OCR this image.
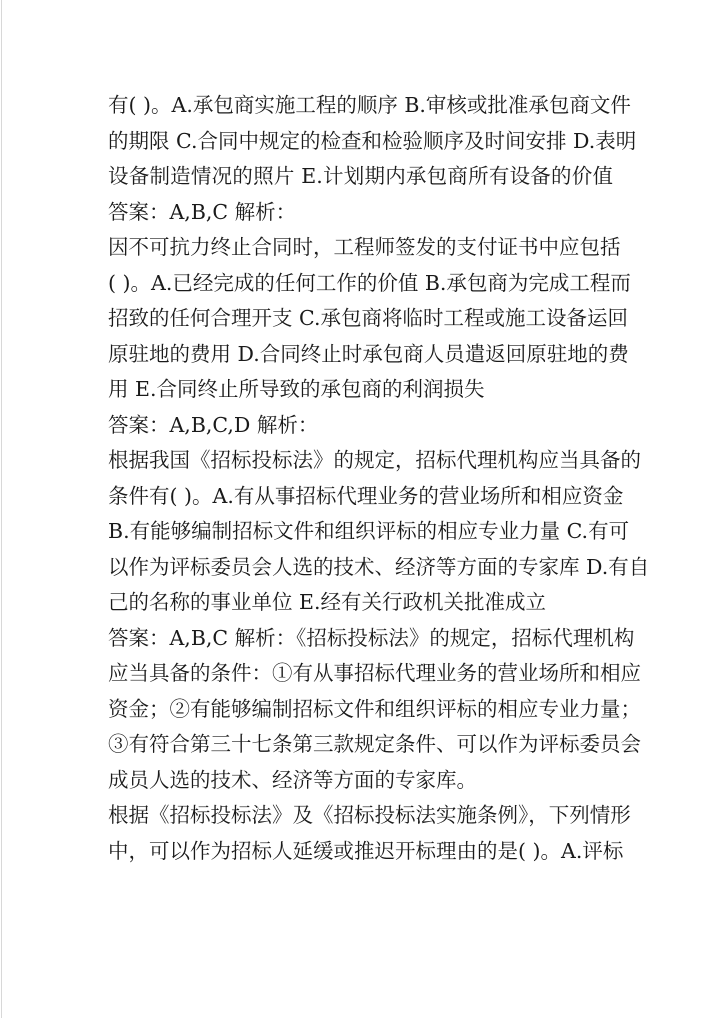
有( )。A.承包商实施工程的顺序 B.审核或批准承包商文件
的期限 C.合同中规定的检查和检验顺序及时间安排 D.表明
设备制造情况的照片 E.计划期内承包商所有设备的价值
答案：A,B,C 解析：
因不可抗力终止合同时，工程师签发的支付证书中应包括
( )。A.已经完成的任何工作的价值 B.承包商为完成工程而
招致的任何合理开支 C.承包商将临时工程或施工设备运回
原驻地的费用 D.合同终止时承包商人员遣返回原驻地的费
用 E.合同终止所导致的承包商的利润损失
答案：A,B,C,D 解析：
根据我国《招标投标法》的规定，招标代理机构应当具备的
条件有( )。A.有从事招标代理业务的营业场所和相应资金
B.有能够编制招标文件和组织评标的相应专业力量 C.有可
以作为评标委员会人选的技术、经济等方面的专家库 D.有自
己的名称的事业单位 E.经有关行政机关批准成立
答案：A,B,C 解析：《招标投标法》的规定，招标代理机构
应当具备的条件：①有从事招标代理业务的营业场所和相应
资金；②有能够编制招标文件和组织评标的相应专业力量；
③有符合第三十七条第三款规定条件、可以作为评标委员会
成员人选的技术、经济等方面的专家库。
根据《招标投标法》及《招标投标法实施条例》，下列情形
中，可以作为招标人延缓或推迟开标理由的是( )。A.评标
